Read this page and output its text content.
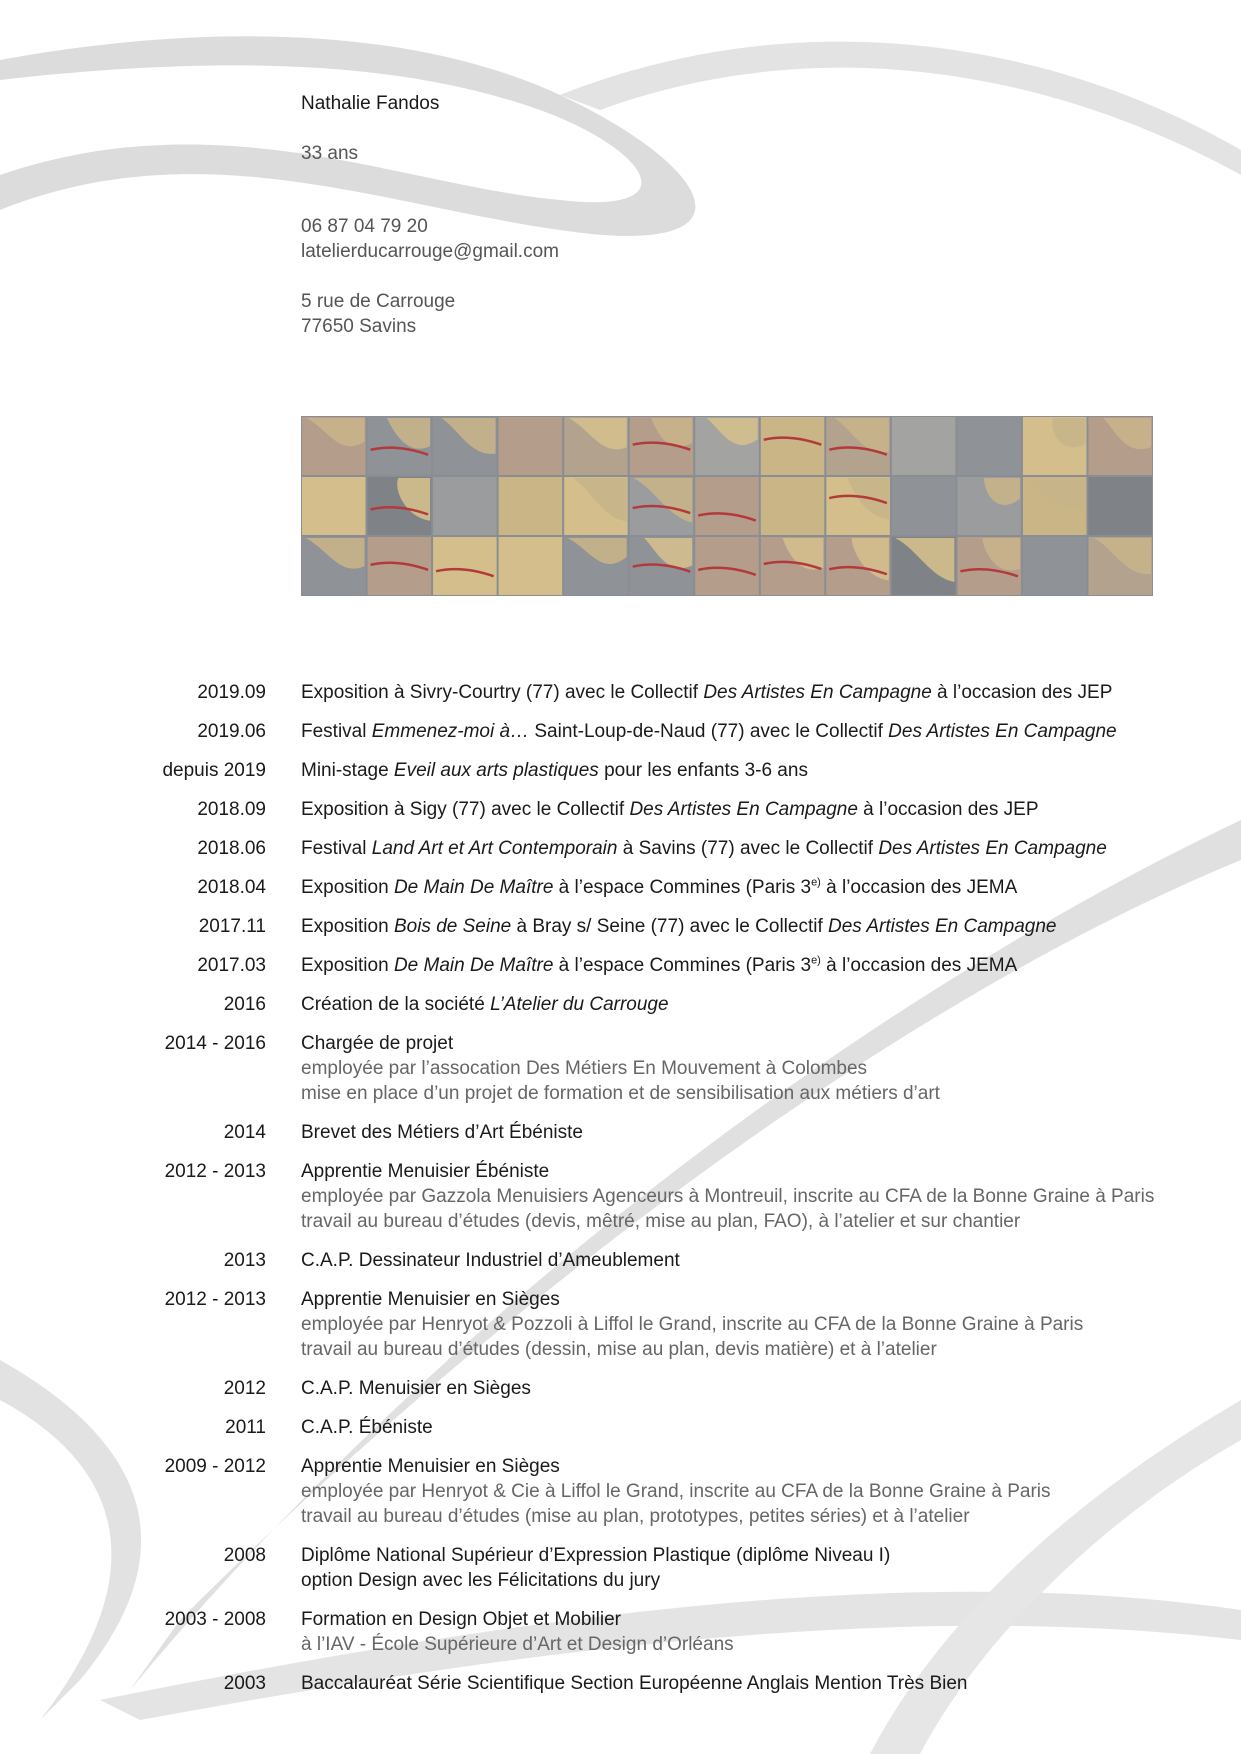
Nathalie Fandos
33 ans
06 87 04 79 20
latelierducarrouge@gmail.com
5 rue de Carrouge
77650 Savins
2019.09 Exposition à Sivry-Courtry (77) avec le Collectif Des Artistes En Campagne à l’occasion des JEP
2019.06 Festival Emmenez-moi à… Saint-Loup-de-Naud (77) avec le Collectif Des Artistes En Campagne
depuis 2019 Mini-stage Eveil aux arts plastiques pour les enfants 3-6 ans
2018.09 Exposition à Sigy (77) avec le Collectif Des Artistes En Campagne à l’occasion des JEP
2018.06 Festival Land Art et Art Contemporain à Savins (77) avec le Collectif Des Artistes En Campagne
2018.04 Exposition De Main De Maître à l’espace Commines (Paris 3$^{e)}$ à l’occasion des JEMA
2017.11 Exposition Bois de Seine à Bray s/ Seine (77) avec le Collectif Des Artistes En Campagne
2017.03 Exposition De Main De Maître à l’espace Commines (Paris 3$^{e)}$ à l’occasion des JEMA
2016 Création de la société L’Atelier du Carrouge
2014 - 2016 Chargée de projet
employée par l’assocation Des Métiers En Mouvement à Colombes
mise en place d’un projet de formation et de sensibilisation aux métiers d’art
2014 Brevet des Métiers d’Art Ébéniste
2012 - 2013 Apprentie Menuisier Ébéniste
employée par Gazzola Menuisiers Agenceurs à Montreuil, inscrite au CFA de la Bonne Graine à Paris
travail au bureau d’études (devis, mêtré, mise au plan, FAO), à l’atelier et sur chantier
2013 C.A.P. Dessinateur Industriel d’Ameublement
2012 - 2013 Apprentie Menuisier en Sièges
employée par Henryot & Pozzoli à Liffol le Grand, inscrite au CFA de la Bonne Graine à Paris
travail au bureau d’études (dessin, mise au plan, devis matière) et à l’atelier
2012 C.A.P. Menuisier en Sièges
2011 C.A.P. Ébéniste
2009 - 2012 Apprentie Menuisier en Sièges
employée par Henryot & Cie à Liffol le Grand, inscrite au CFA de la Bonne Graine à Paris
travail au bureau d’études (mise au plan, prototypes, petites séries) et à l’atelier
2008 Diplôme National Supérieur d’Expression Plastique (diplôme Niveau I)
option Design avec les Félicitations du jury
2003 - 2008 Formation en Design Objet et Mobilier
à l’IAV - École Supérieure d’Art et Design d’Orléans
2003 Baccalauréat Série Scientifique Section Européenne Anglais Mention Très Bien
